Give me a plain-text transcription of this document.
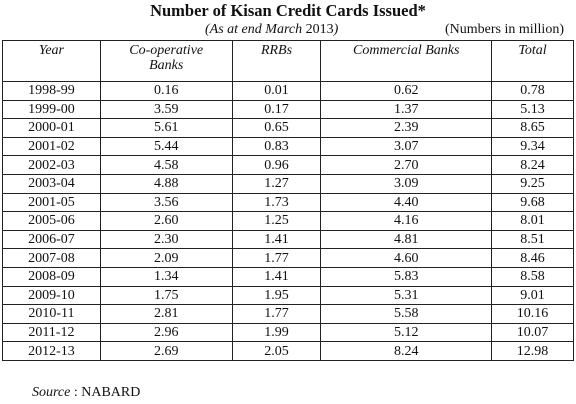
Number of Kisan Credit Cards Issued*
(As at end March 2013)	(Numbers in million)
Year	Co-operative Banks	RRBs	Commercial Banks	Total
1998-99	0.16	0.01	0.62	0.78
1999-00	3.59	0.17	1.37	5.13
2000-01	5.61	0.65	2.39	8.65
2001-02	5.44	0.83	3.07	9.34
2002-03	4.58	0.96	2.70	8.24
2003-04	4.88	1.27	3.09	9.25
2001-05	3.56	1.73	4.40	9.68
2005-06	2.60	1.25	4.16	8.01
2006-07	2.30	1.41	4.81	8.51
2007-08	2.09	1.77	4.60	8.46
2008-09	1.34	1.41	5.83	8.58
2009-10	1.75	1.95	5.31	9.01
2010-11	2.81	1.77	5.58	10.16
2011-12	2.96	1.99	5.12	10.07
2012-13	2.69	2.05	8.24	12.98
Source : NABARD
